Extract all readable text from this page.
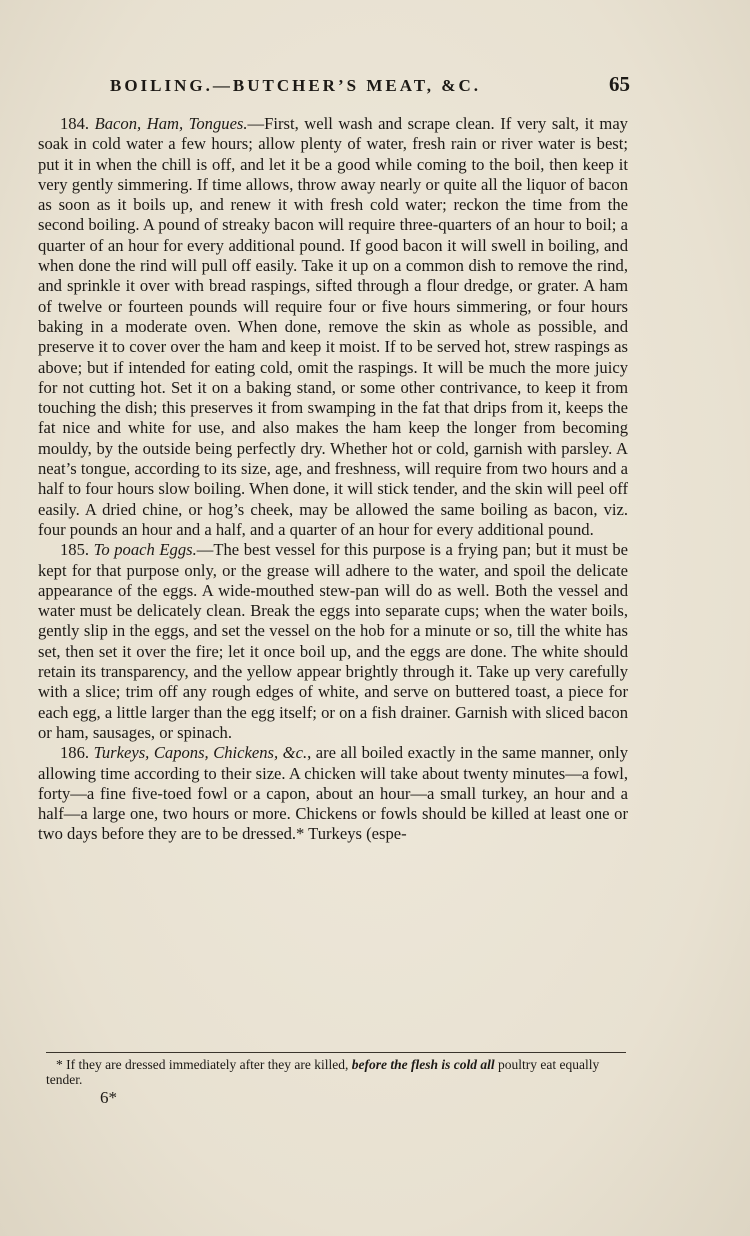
BOILING.—BUTCHER’S MEAT, &C.	65

184. Bacon, Ham, Tongues.—First, well wash and scrape clean. If very salt, it may soak in cold water a few hours; allow plenty of water, fresh rain or river water is best; put it in when the chill is off, and let it be a good while coming to the boil, then keep it very gently simmering. If time allows, throw away nearly or quite all the liquor of bacon as soon as it boils up, and renew it with fresh cold water; reckon the time from the second boiling. A pound of streaky bacon will require three-quarters of an hour to boil; a quarter of an hour for every additional pound. If good bacon it will swell in boiling, and when done the rind will pull off easily. Take it up on a common dish to remove the rind, and sprinkle it over with bread raspings, sifted through a flour dredge, or grater. A ham of twelve or fourteen pounds will require four or five hours simmering, or four hours baking in a moderate oven. When done, remove the skin as whole as possible, and preserve it to cover over the ham and keep it moist. If to be served hot, strew raspings as above; but if intended for eating cold, omit the raspings. It will be much the more juicy for not cutting hot. Set it on a baking stand, or some other contrivance, to keep it from touching the dish; this preserves it from swamping in the fat that drips from it, keeps the fat nice and white for use, and also makes the ham keep the longer from becoming mouldy, by the outside being perfectly dry. Whether hot or cold, garnish with parsley. A neat’s tongue, according to its size, age, and freshness, will require from two hours and a half to four hours slow boiling. When done, it will stick tender, and the skin will peel off easily. A dried chine, or hog’s cheek, may be allowed the same boiling as bacon, viz. four pounds an hour and a half, and a quarter of an hour for every additional pound.

185. To poach Eggs.—The best vessel for this purpose is a frying pan; but it must be kept for that purpose only, or the grease will adhere to the water, and spoil the delicate appearance of the eggs. A wide-mouthed stew-pan will do as well. Both the vessel and water must be delicately clean. Break the eggs into separate cups; when the water boils, gently slip in the eggs, and set the vessel on the hob for a minute or so, till the white has set, then set it over the fire; let it once boil up, and the eggs are done. The white should retain its transparency, and the yellow appear brightly through it. Take up very carefully with a slice; trim off any rough edges of white, and serve on buttered toast, a piece for each egg, a little larger than the egg itself; or on a fish drainer. Garnish with sliced bacon or ham, sausages, or spinach.

186. Turkeys, Capons, Chickens, &c., are all boiled exactly in the same manner, only allowing time according to their size. A chicken will take about twenty minutes—a fowl, forty—a fine five-toed fowl or a capon, about an hour—a small turkey, an hour and a half—a large one, two hours or more. Chickens or fowls should be killed at least one or two days before they are to be dressed.* Turkeys (espe-

* If they are dressed immediately after they are killed, before the flesh is cold all poultry eat equally tender.

6*
